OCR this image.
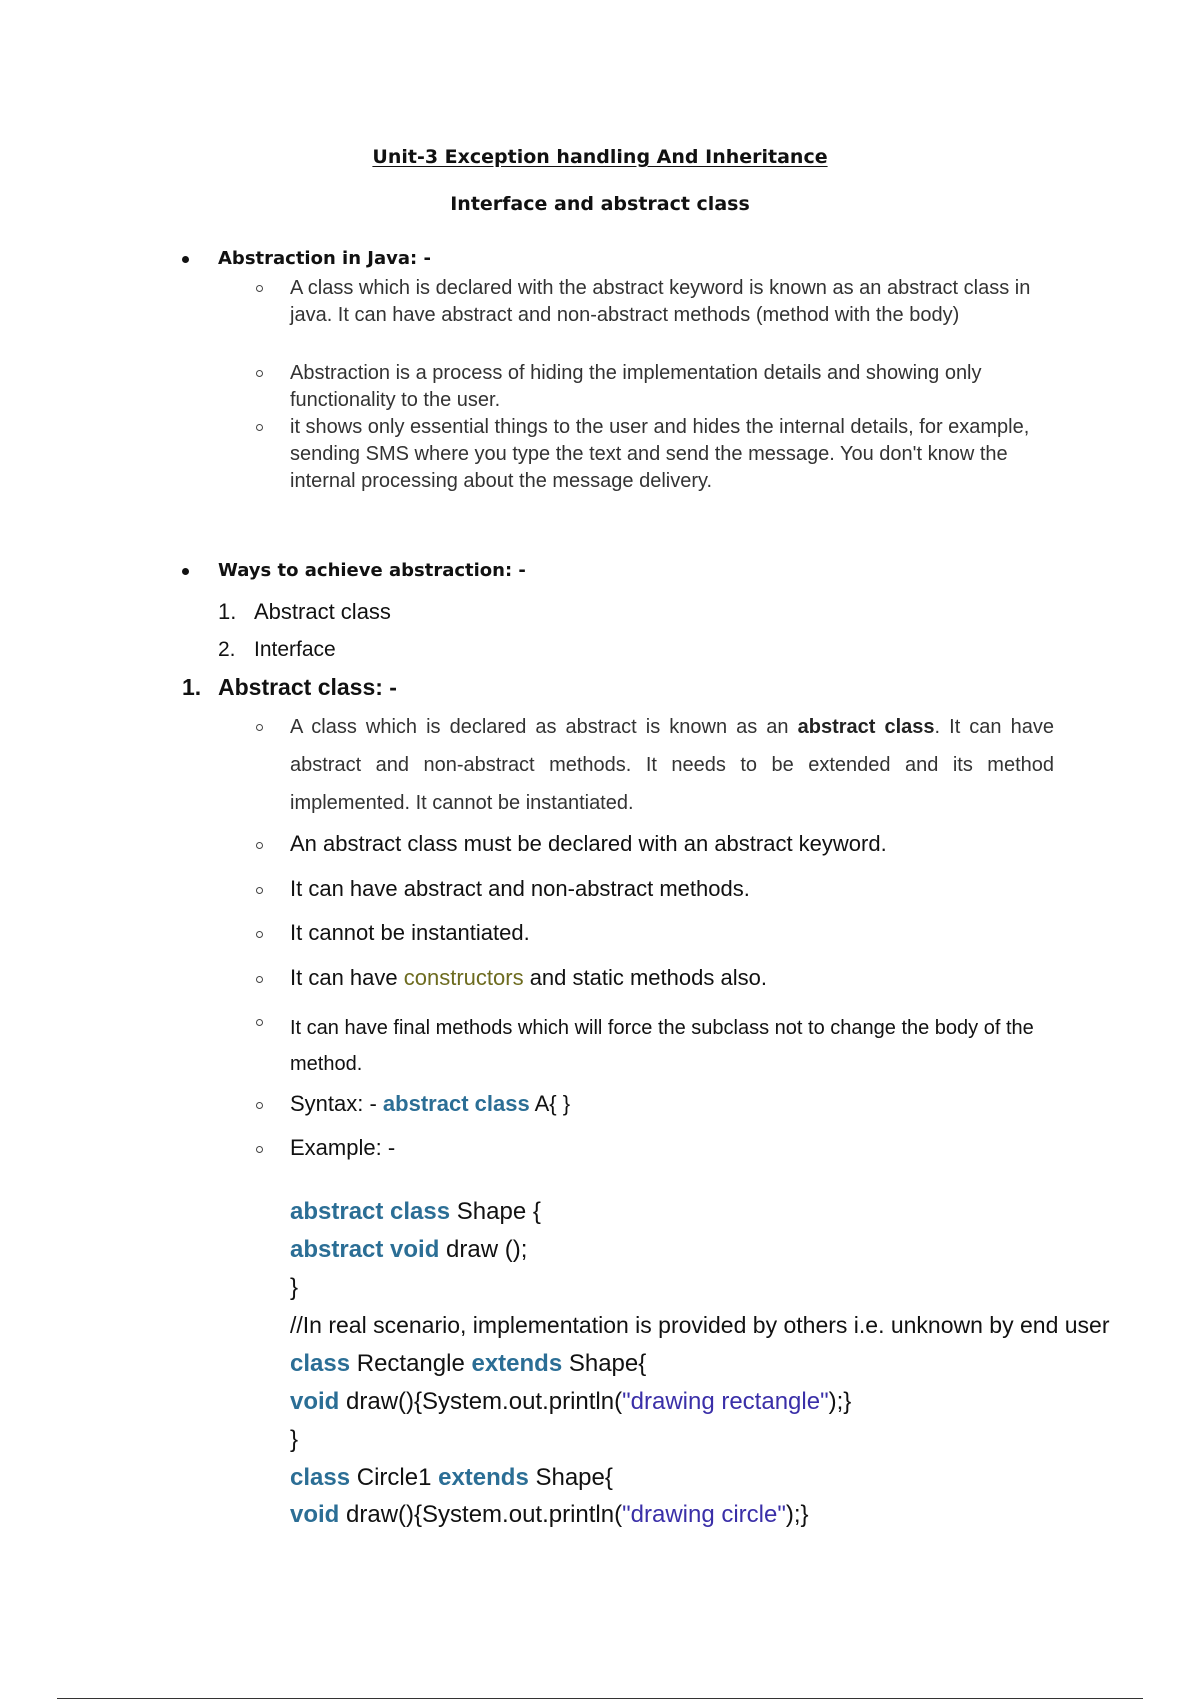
Unit-3 Exception handling And Inheritance
Interface and abstract class
Abstraction in Java: -
A class which is declared with the abstract keyword is known as an abstract class in java. It can have abstract and non-abstract methods (method with the body)
Abstraction is a process of hiding the implementation details and showing only functionality to the user.
it shows only essential things to the user and hides the internal details, for example, sending SMS where you type the text and send the message. You don't know the internal processing about the message delivery.
Ways to achieve abstraction: -
1. Abstract class
2. Interface
1. Abstract class: -
A class which is declared as abstract is known as an abstract class. It can have abstract and non-abstract methods. It needs to be extended and its method implemented. It cannot be instantiated.
An abstract class must be declared with an abstract keyword.
It can have abstract and non-abstract methods.
It cannot be instantiated.
It can have constructors and static methods also.
It can have final methods which will force the subclass not to change the body of the method.
Syntax: - abstract class A{ }
Example: -
abstract class Shape {
abstract void draw ();
}
//In real scenario, implementation is provided by others i.e. unknown by end user
class Rectangle extends Shape{
void draw(){System.out.println("drawing rectangle");}
}
class Circle1 extends Shape{
void draw(){System.out.println("drawing circle");}
